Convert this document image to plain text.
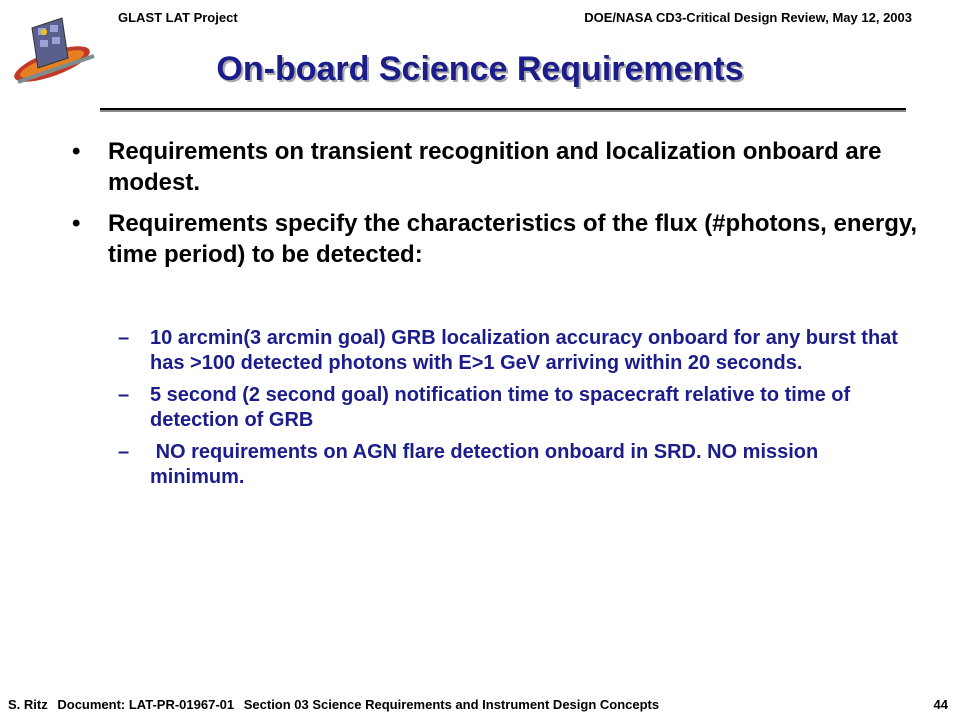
GLAST LAT Project	DOE/NASA CD3-Critical Design Review, May 12, 2003
On-board Science Requirements
•	Requirements on transient recognition and localization onboard are modest.
•	Requirements specify the characteristics of the flux (#photons, energy, time period) to be detected:
–	10 arcmin(3 arcmin goal) GRB localization accuracy onboard for any burst that has >100 detected photons with E>1 GeV arriving within 20 seconds.
–	5 second (2 second goal) notification time to spacecraft relative to time of detection of GRB
–	NO requirements on AGN flare detection onboard in SRD. NO mission minimum.
S. Ritz Document: LAT-PR-01967-01 Section 03 Science Requirements and Instrument Design Concepts	44
